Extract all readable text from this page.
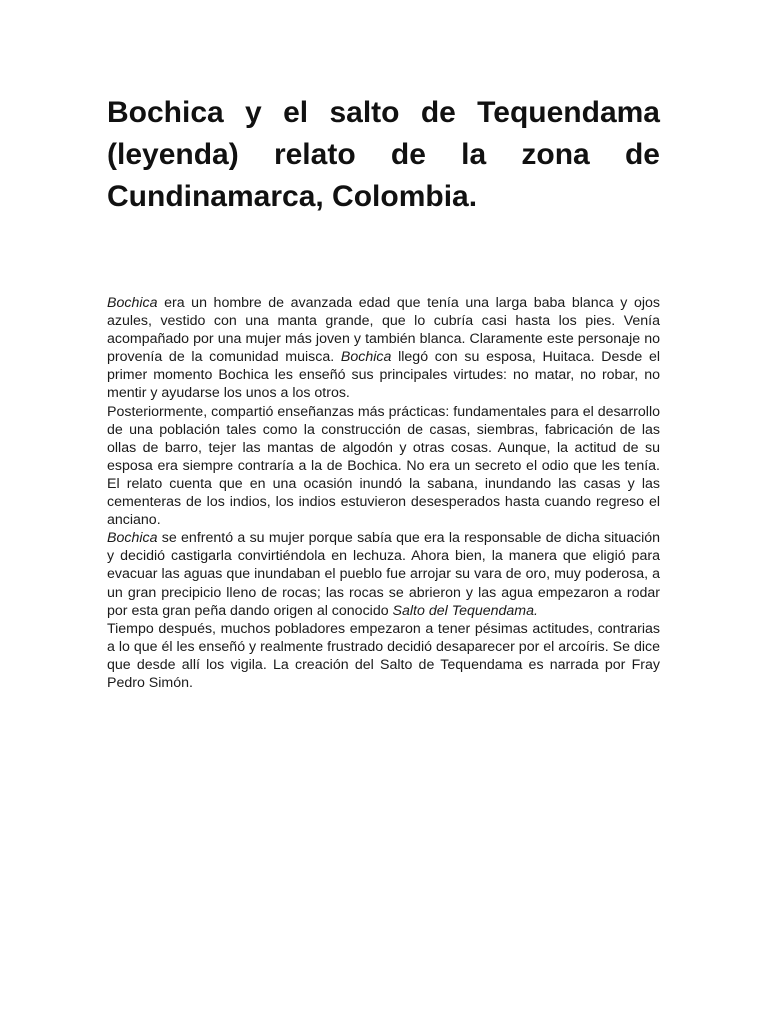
Bochica y el salto de Tequendama (leyenda) relato de la zona de Cundinamarca, Colombia.

Bochica era un hombre de avanzada edad que tenía una larga baba blanca y ojos azules, vestido con una manta grande, que lo cubría casi hasta los pies. Venía acompañado por una mujer más joven y también blanca. Claramente este personaje no provenía de la comunidad muisca. Bochica llegó con su esposa, Huitaca. Desde el primer momento Bochica les enseñó sus principales virtudes: no matar, no robar, no mentir y ayudarse los unos a los otros.

Posteriormente, compartió enseñanzas más prácticas: fundamentales para el desarrollo de una población tales como la construcción de casas, siembras, fabricación de las ollas de barro, tejer las mantas de algodón y otras cosas. Aunque, la actitud de su esposa era siempre contraría a la de Bochica. No era un secreto el odio que les tenía. El relato cuenta que en una ocasión inundó la sabana, inundando las casas y las cementeras de los indios, los indios estuvieron desesperados hasta cuando regreso el anciano.

Bochica se enfrentó a su mujer porque sabía que era la responsable de dicha situación y decidió castigarla convirtiéndola en lechuza. Ahora bien, la manera que eligió para evacuar las aguas que inundaban el pueblo fue arrojar su vara de oro, muy poderosa, a un gran precipicio lleno de rocas; las rocas se abrieron y las agua empezaron a rodar por esta gran peña dando origen al conocido Salto del Tequendama.

Tiempo después, muchos pobladores empezaron a tener pésimas actitudes, contrarias a lo que él les enseñó y realmente frustrado decidió desaparecer por el arcoíris. Se dice que desde allí los vigila. La creación del Salto de Tequendama es narrada por Fray Pedro Simón.
